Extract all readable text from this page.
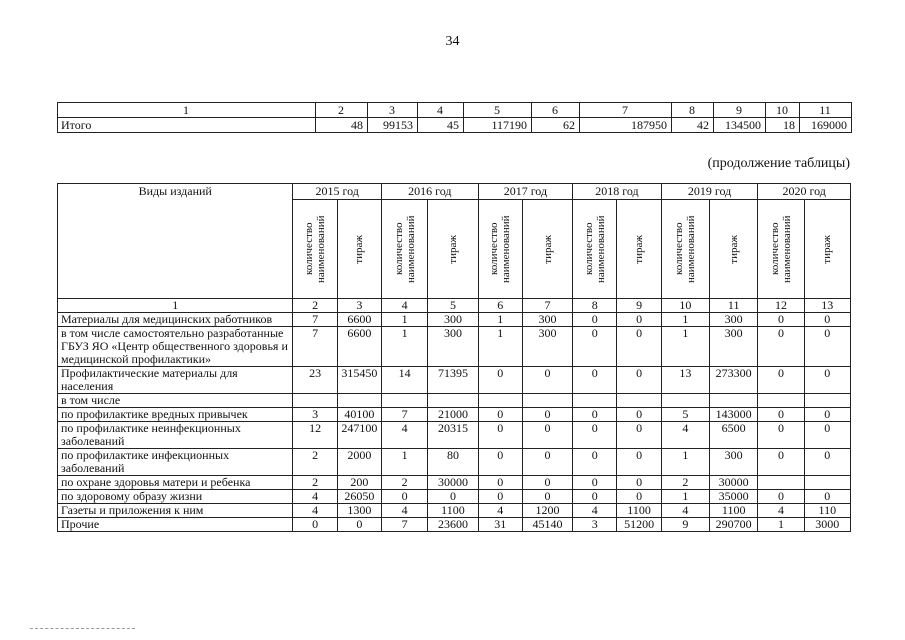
34
1	2	3	4	5	6	7	8	9	10	11
Итого	48	99153	45	117190	62	187950	42	134500	18	169000
(продолжение таблицы)
Виды изданий	2015 год		2016 год		2017 год		2018 год		2019 год		2020 год	

	количество наименований	тираж	количество наименований	тираж	количество наименований	тираж	количество наименований	тираж	количество наименований	тираж	количество наименований	тираж

1	2	3	4	5	6	7	8	9	10	11	12	13
Материалы для медицинских работников	7	6600	1	300	1	300	0	0	1	300	0	0
в том числе самостоятельно разработанные ГБУЗ ЯО «Центр общественного здоровья и медицинской профилактики»	7	6600	1	300	1	300	0	0	1	300	0	0
Профилактические материалы для населения	23	315450	14	71395	0	0	0	0	13	273300	0	0
в том числе												
по профилактике вредных привычек	3	40100	7	21000	0	0	0	0	5	143000	0	0
по профилактике неинфекционных заболеваний	12	247100	4	20315	0	0	0	0	4	6500	0	0
по профилактике инфекционных заболеваний	2	2000	1	80	0	0	0	0	1	300	0	0
по охране здоровья матери и ребенка	2	200	2	30000	0	0	0	0	2	30000		
по здоровому образу жизни	4	26050	0	0	0	0	0	0	1	35000	0	0
Газеты и приложения к ним	4	1300	4	1100	4	1200	4	1100	4	1100	4	110
Прочие	0	0	7	23600	31	45140	3	51200	9	290700	1	3000
